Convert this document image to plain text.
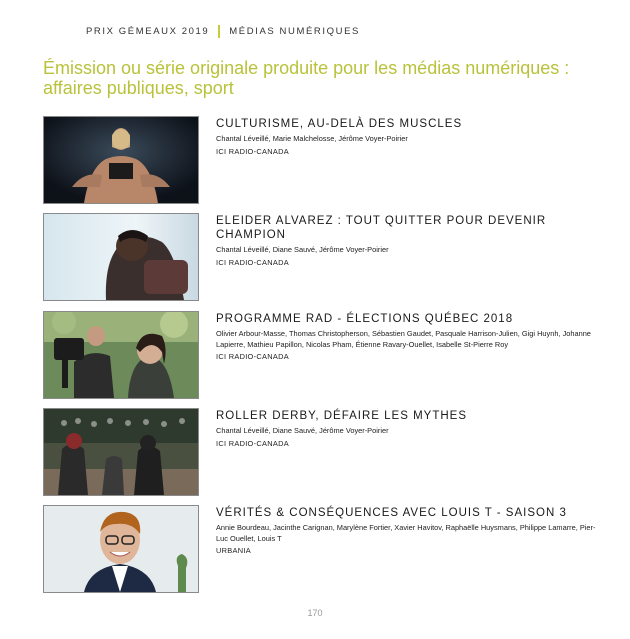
PRIX GÉMEAUX 2019 MÉDIAS NUMÉRIQUES
Émission ou série originale produite pour les médias numériques : affaires publiques, sport
CULTURISME, AU-DELÀ DES MUSCLES
Chantal Léveillé, Marie Malchelosse, Jérôme Voyer-Poirier
ICI RADIO-CANADA
ELEIDER ALVAREZ : TOUT QUITTER POUR DEVENIR CHAMPION
Chantal Léveillé, Diane Sauvé, Jérôme Voyer-Poirier
ICI RADIO-CANADA
PROGRAMME RAD - ÉLECTIONS QUÉBEC 2018
Olivier Arbour-Masse, Thomas Christopherson, Sébastien Gaudet, Pasquale Harrison-Julien, Gigi Huynh, Johanne Lapierre, Mathieu Papillon, Nicolas Pham, Étienne Ravary-Ouellet, Isabelle St-Pierre Roy
ICI RADIO-CANADA
ROLLER DERBY, DÉFAIRE LES MYTHES
Chantal Léveillé, Diane Sauvé, Jérôme Voyer-Poirier
ICI RADIO-CANADA
VÉRITÉS & CONSÉQUENCES AVEC LOUIS T - SAISON 3
Annie Bourdeau, Jacinthe Carignan, Marylène Fortier, Xavier Havitov, Raphaëlle Huysmans, Philippe Lamarre, Pier-Luc Ouellet, Louis T
URBANIA
170
